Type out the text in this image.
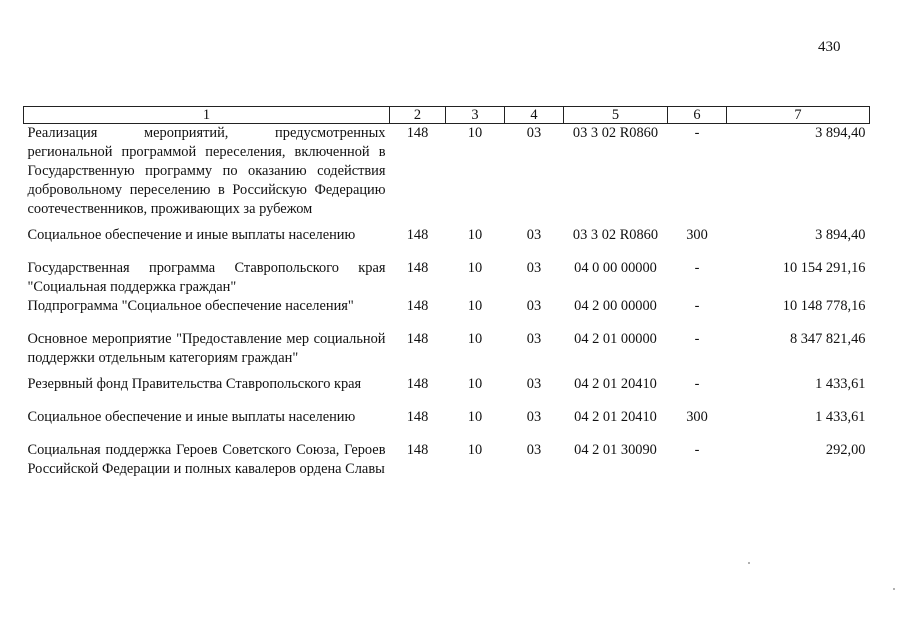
430
1	2	3	4	5	6	7
Реализация мероприятий, предусмотренных региональной программой переселения, включенной в Государственную программу по оказанию содействия добровольному переселению в Российскую Федерацию соотечественников, проживающих за рубежом	148	10	03	03 3 02 R0860	-	3 894,40

Социальное обеспечение и иные выплаты населению	148	10	03	03 3 02 R0860	300	3 894,40

Государственная программа Ставропольского края "Социальная поддержка граждан"	148	10	03	04 0 00 00000	-	10 154 291,16
Подпрограмма "Социальное обеспечение населения"	148	10	03	04 2 00 00000	-	10 148 778,16

Основное мероприятие "Предоставление мер социальной поддержки отдельным категориям граждан"	148	10	03	04 2 01 00000	-	8 347 821,46

Резервный фонд Правительства Ставропольского края	148	10	03	04 2 01 20410	-	1 433,61

Социальное обеспечение и иные выплаты населению	148	10	03	04 2 01 20410	300	1 433,61

Социальная поддержка Героев Советского Союза, Героев Российской Федерации и полных кавалеров ордена Славы	148	10	03	04 2 01 30090	-	292,00
